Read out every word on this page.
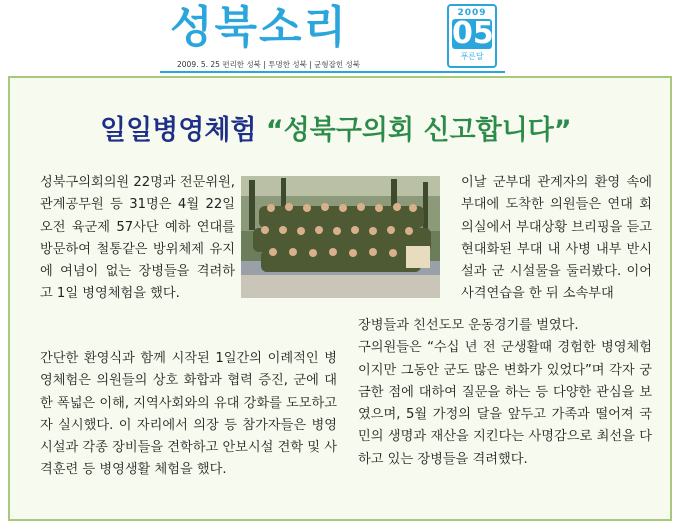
성북소리	2009
05
푸른달
2009. 5. 25 편리한 성북 | 투명한 성북 | 균형잡힌 성북
일일병영체험 “성북구의회 신고합니다”

성북구의회의원 22명과 전문위원, 관계공무원 등 31명은 4월 22일 오전 육군제 57사단 예하 연대를 방문하여 철통같은 방위체제 유지에 여념이 없는 장병들을 격려하고 1일 병영체험을 했다.

간단한 환영식과 함께 시작된 1일간의 이례적인 병영체험은 의원들의 상호 화합과 협력 증진, 군에 대한 폭넓은 이해, 지역사회와의 유대 강화를 도모하고자 실시했다. 이 자리에서 의장 등 참가자들은 병영시설과 각종 장비들을 견학하고 안보시설 견학 및 사격훈련 등 병영생활 체험을 했다.

이날 군부대 관계자의 환영 속에 부대에 도착한 의원들은 연대 회의실에서 부대상황 브리핑을 듣고 현대화된 부대 내 사병 내부 반시설과 군 시설물을 둘러봤다. 이어 사격연습을 한 뒤 소속부대

장병들과 친선도모 운동경기를 벌였다.

구의원들은 “수십 년 전 군생활때 경험한 병영체험이지만 그동안 군도 많은 변화가 있었다”며 각자 궁금한 점에 대하여 질문을 하는 등 다양한 관심을 보였으며, 5월 가정의 달을 앞두고 가족과 떨어져 국민의 생명과 재산을 지킨다는 사명감으로 최선을 다하고 있는 장병들을 격려했다.
